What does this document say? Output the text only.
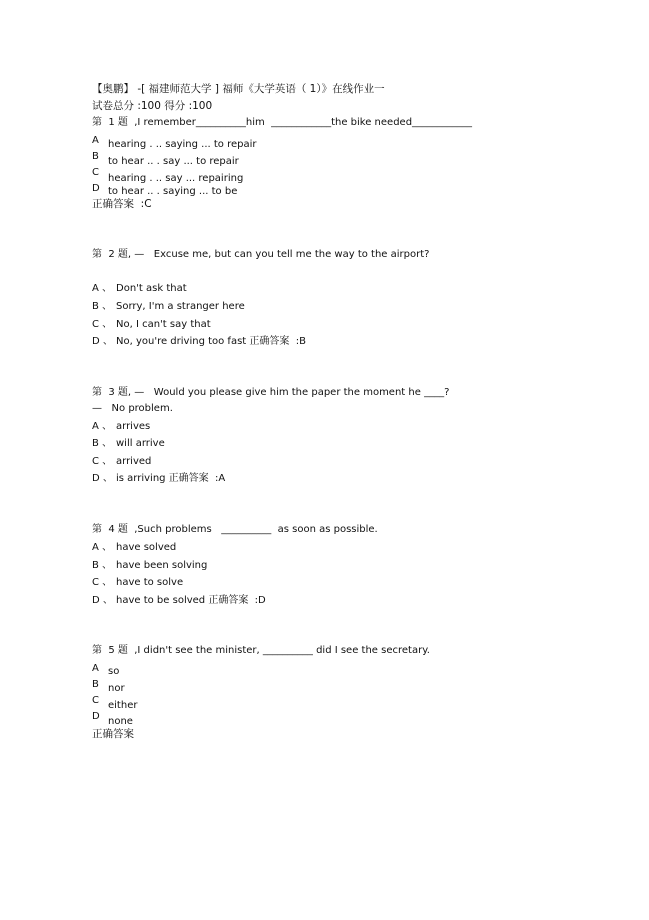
【奥鹏】 -[ 福建师范大学 ] 福师《大学英语（ 1）》在线作业一
试卷总分 :100 得分 :100
第  1 题  ,I remember__________him  ____________the bike needed____________
A hearing . .. saying ... to repair
B to hear .. . say ... to repair
C
hearing . .. say ... repairing
D to hear .. . saying ... to be
正确答案  :C
第  2 题, —   Excuse me, but can you tell me the way to the airport?
A 、 Don't ask that
B 、 Sorry, I'm a stranger here
C 、 No, I can't say that
D 、 No, you're driving too fast 正确答案  :B
第  3 题, —   Would you please give him the paper the moment he ____?
—   No problem.
A 、 arrives
B 、 will arrive
C 、 arrived
D 、 is arriving 正确答案  :A
第  4 题  ,Such problems   __________  as soon as possible.
A 、 have solved
B 、 have been solving
C 、 have to solve
D 、 have to be solved 正确答案  :D
第  5 题  ,I didn't see the minister, __________ did I see the secretary.
A so
B nor
C either
D none
正确答案
